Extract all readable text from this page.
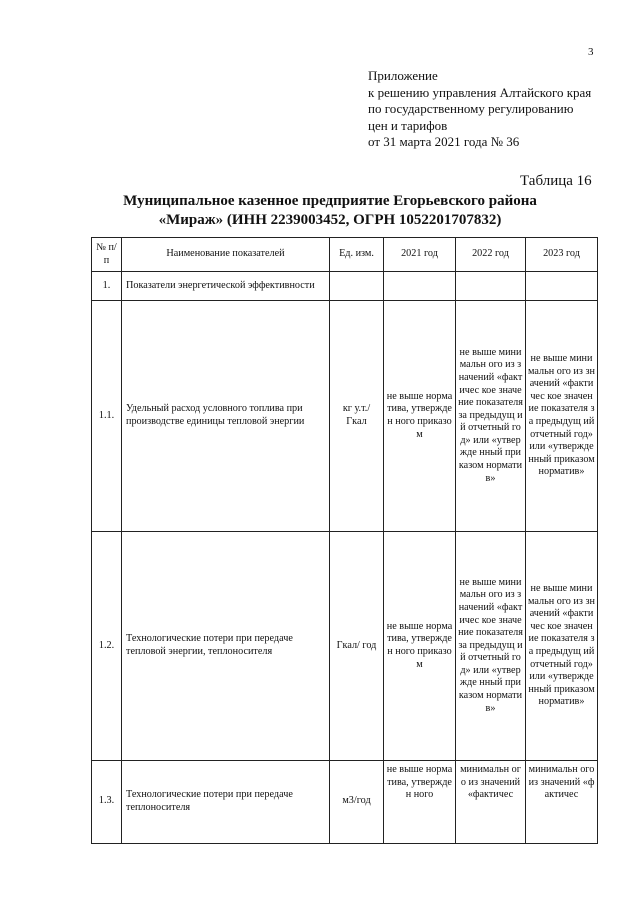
3
Приложение
к решению управления Алтайского края
по государственному регулированию
цен и тарифов
от 31 марта 2021 года № 36
Таблица 16
Муниципальное казенное предприятие Егорьевского района
«Мираж» (ИНН 2239003452, ОГРН 1052201707832)
№ п/п	Наименование показателей	Ед. изм.	2021 год	2022 год	2023 год
1.	Показатели энергетической эффективности				
1.1.	Удельный расход условного топлива при производстве единицы тепловой энергии	кг у.т./ Гкал	не выше норматива, утвержден ного приказом	не выше минимальн ого из значений «фактичес кое значение показателя за предыдущ ий отчетный год» или «утвержде нный приказом норматив»	не выше минимальн ого из значений «фактичес кое значение показателя за предыдущ ий отчетный год» или «утвержде нный приказом норматив»
1.2.	Технологические потери при передаче тепловой энергии, теплоносителя	Гкал/ год	не выше норматива, утвержден ного приказом	не выше минимальн ого из значений «фактичес кое значение показателя за предыдущ ий отчетный год» или «утвержде нный приказом норматив»	не выше минимальн ого из значений «фактичес кое значение показателя за предыдущ ий отчетный год» или «утвержде нный приказом норматив»
1.3.	Технологические потери при передаче теплоносителя	м3/год	не выше норматива, утвержден ного	минимальн ого из значений «фактичес	минимальн ого из значений «фактичес
